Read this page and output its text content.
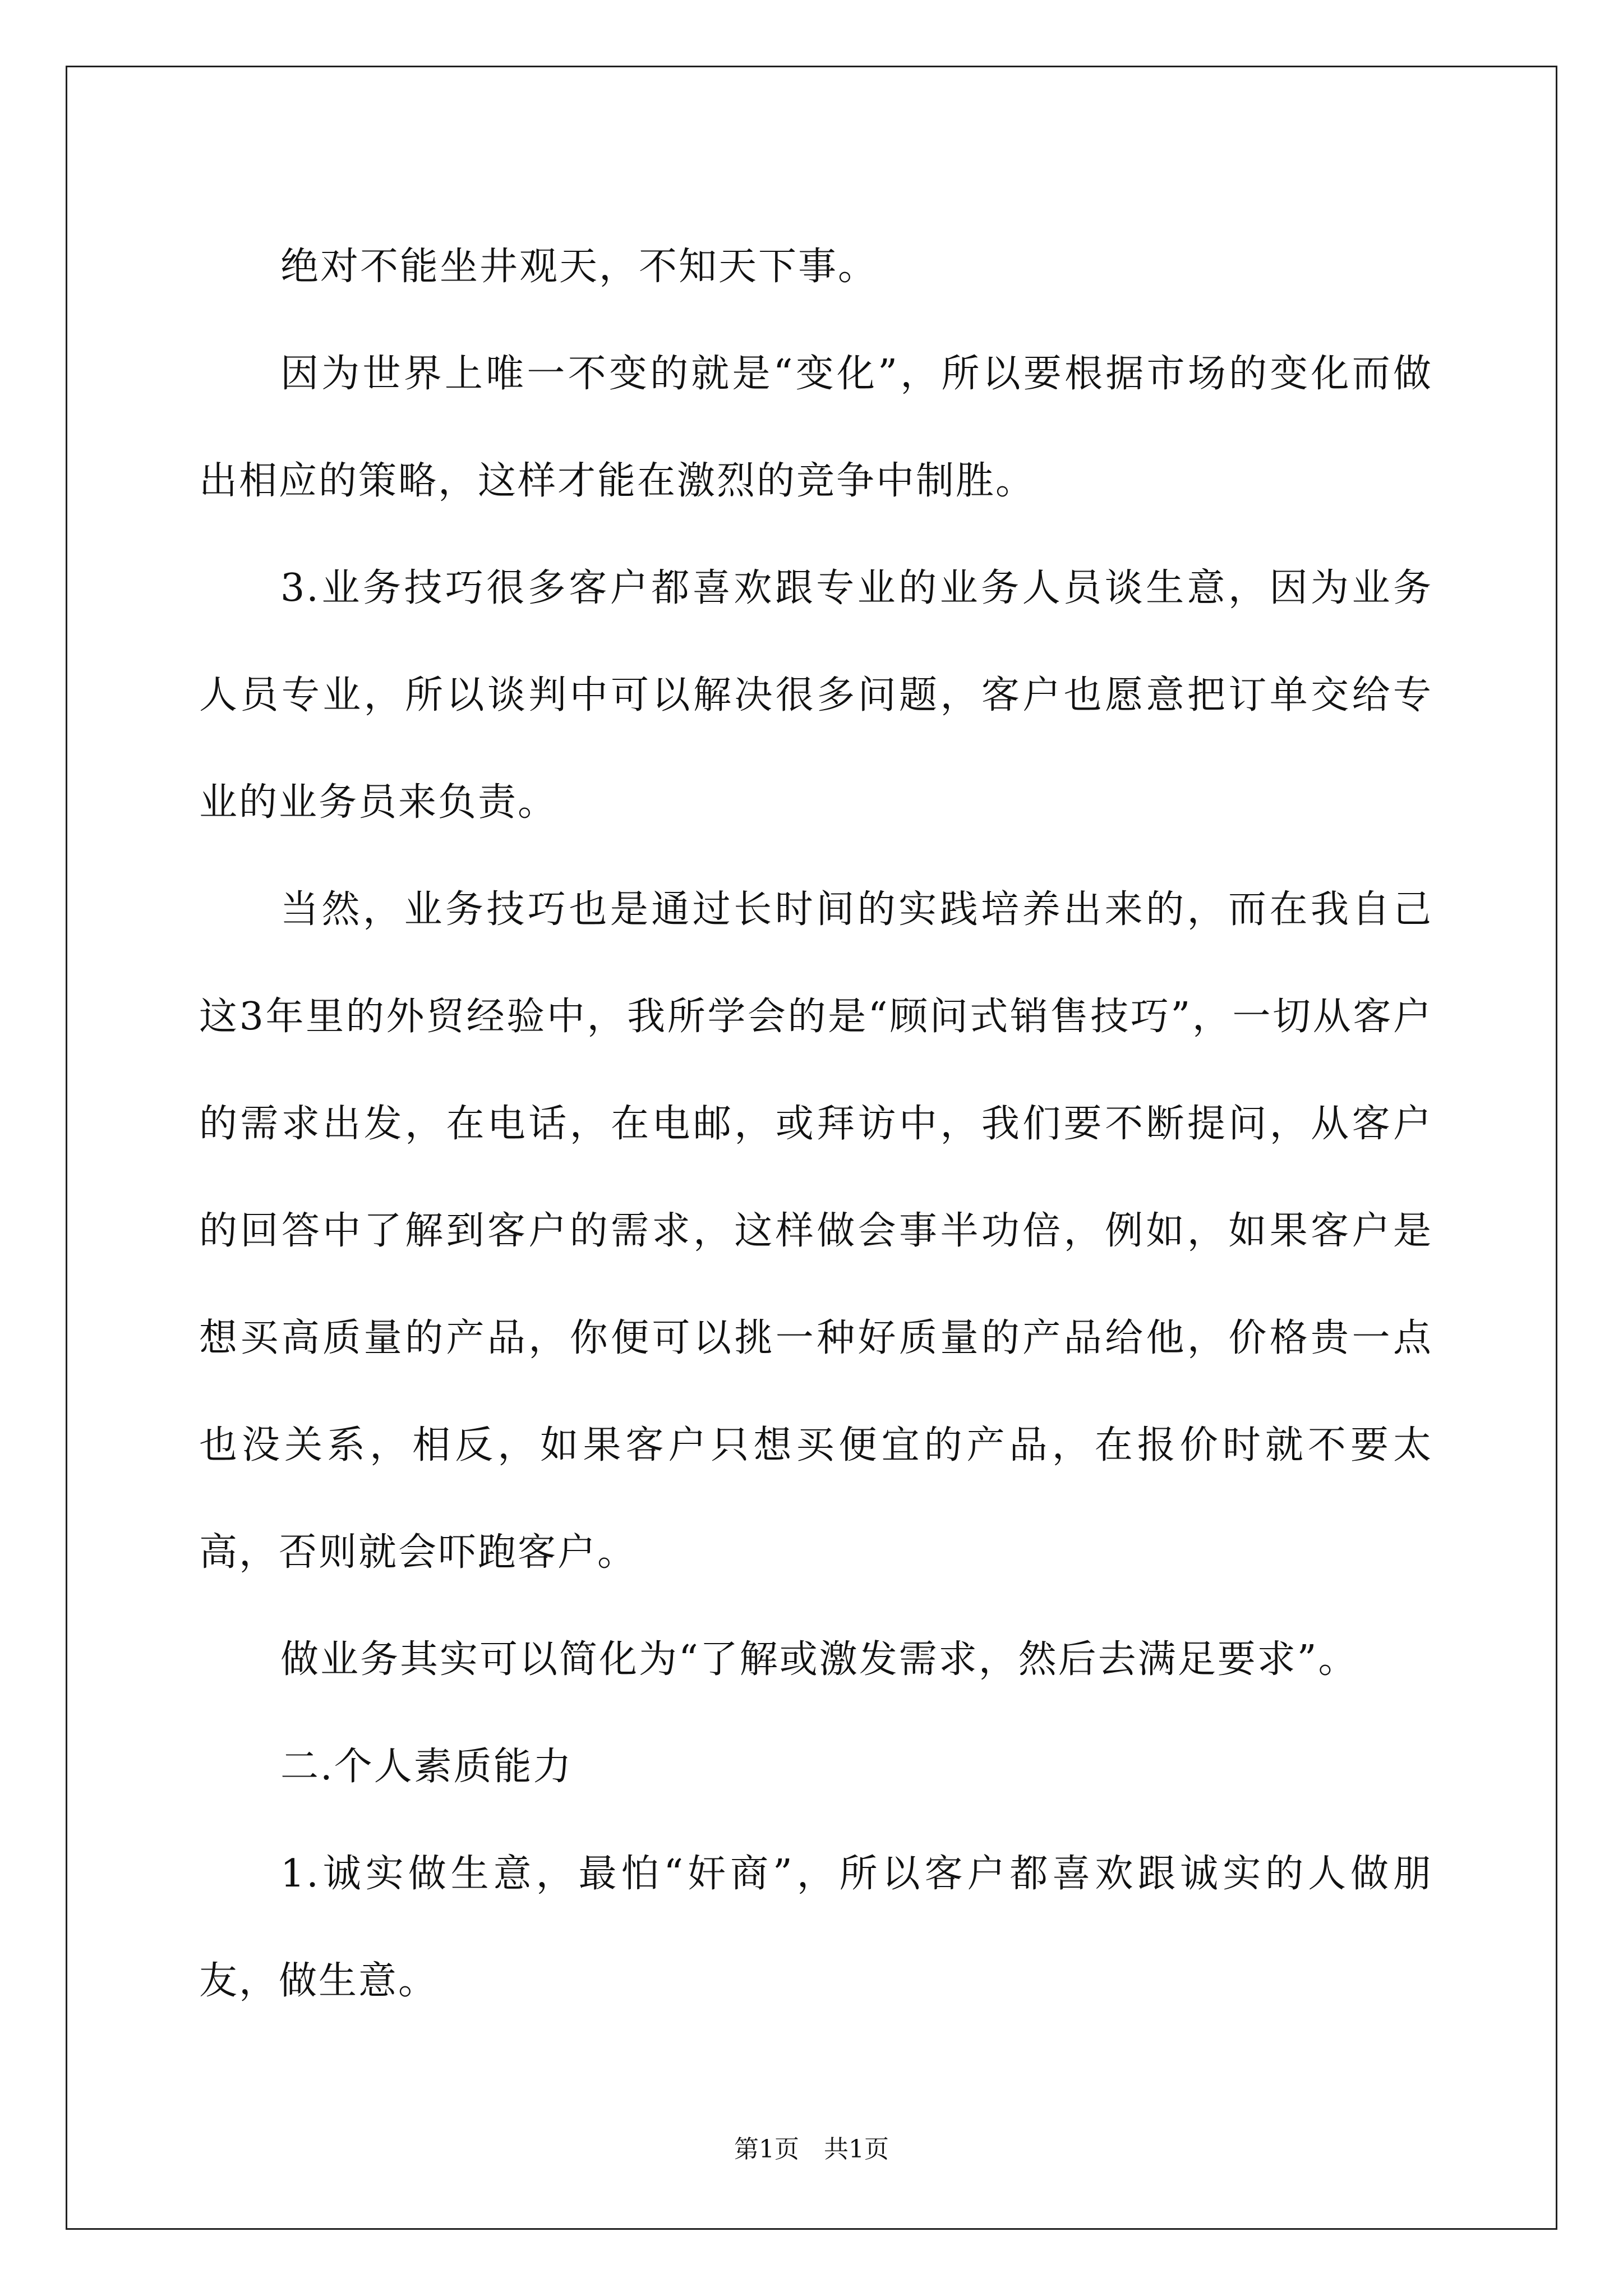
绝对不能坐井观天，不知天下事。

因为世界上唯一不变的就是“变化”，所以要根据市场的变化而做出相应的策略，这样才能在激烈的竞争中制胜。

3.业务技巧很多客户都喜欢跟专业的业务人员谈生意，因为业务人员专业，所以谈判中可以解决很多问题，客户也愿意把订单交给专业的业务员来负责。

当然，业务技巧也是通过长时间的实践培养出来的，而在我自己这3年里的外贸经验中，我所学会的是“顾问式销售技巧”，一切从客户的需求出发，在电话，在电邮，或拜访中，我们要不断提问，从客户的回答中了解到客户的需求，这样做会事半功倍，例如，如果客户是想买高质量的产品，你便可以挑一种好质量的产品给他，价格贵一点也没关系，相反，如果客户只想买便宜的产品，在报价时就不要太高，否则就会吓跑客户。

做业务其实可以简化为“了解或激发需求，然后去满足要求”。

二.个人素质能力

1.诚实做生意，最怕“奸商”，所以客户都喜欢跟诚实的人做朋友，做生意。

第1页　共1页
